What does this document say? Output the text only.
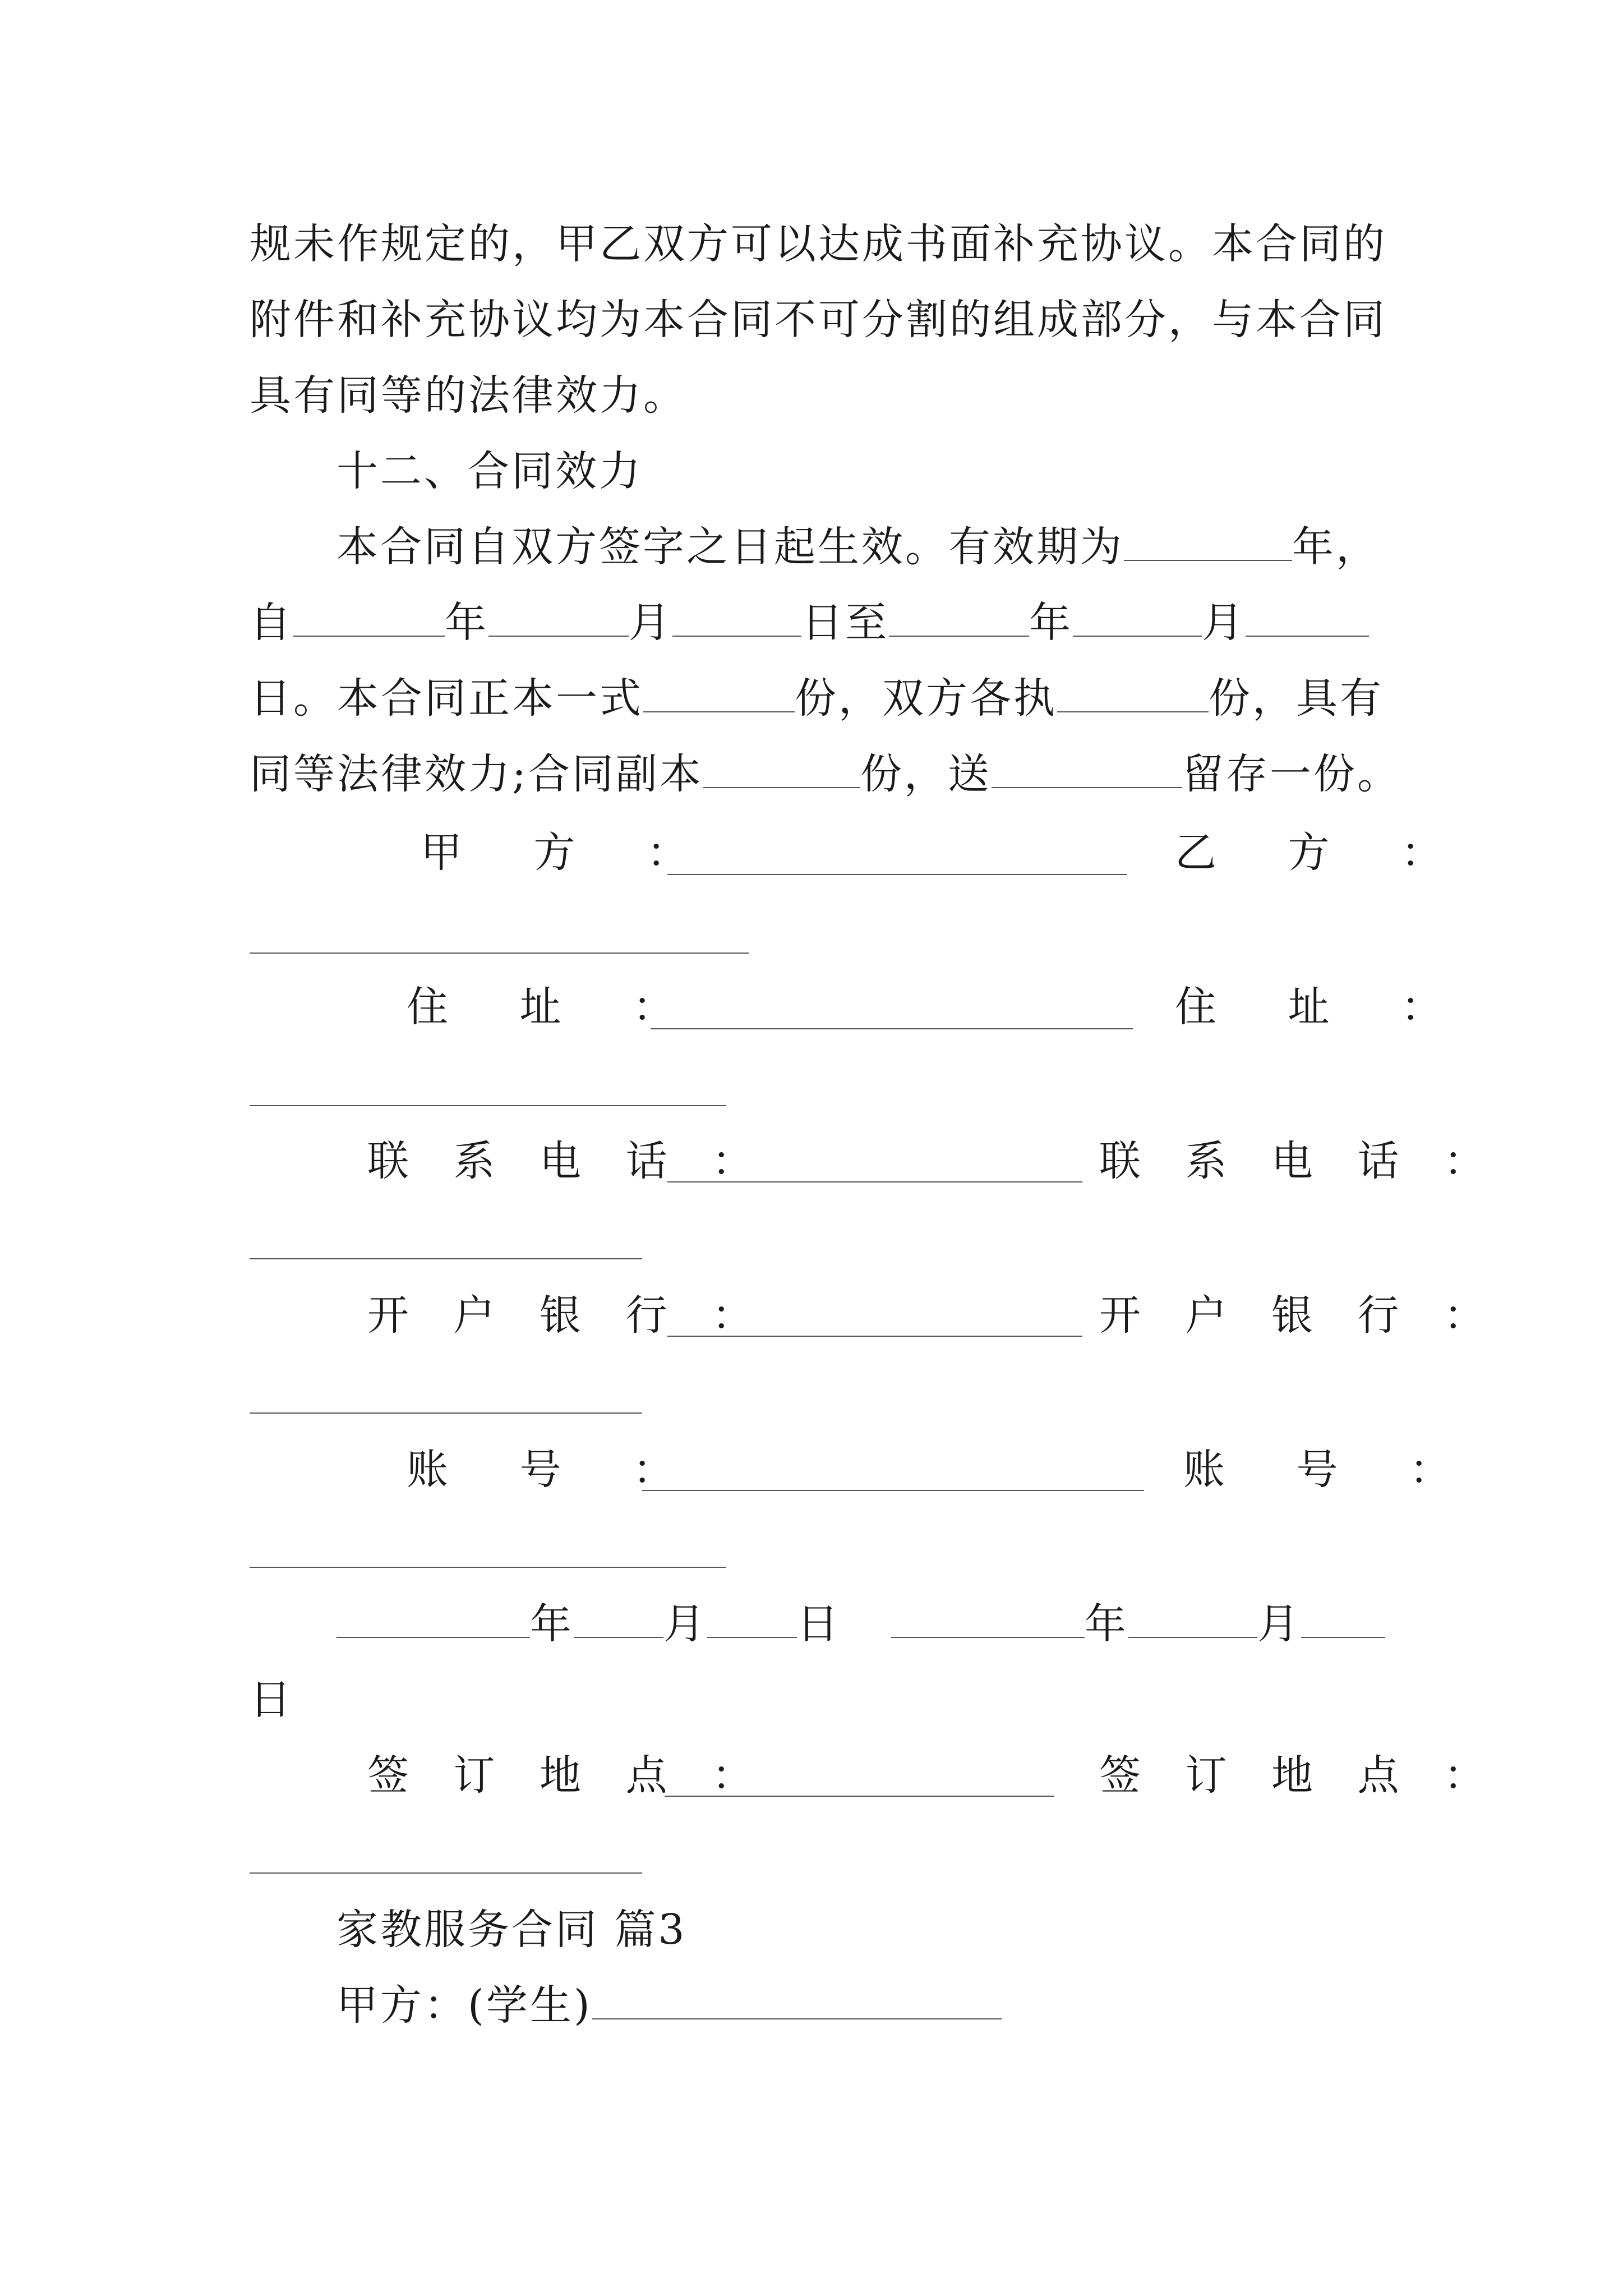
规未作规定的，甲乙双方可以达成书面补充协议。本合同的
附件和补充协议均为本合同不可分割的组成部分，与本合同
具有同等的法律效力。
十二、合同效力
本合同自双方签字之日起生效。有效期为	年，
自	年	月	日至	年	月
日。本合同正本一式	份，双方各执	份，具有
同等法律效力;合同副本	份，送	留存一份。
甲 方 ：	乙 方 ：
住 址 ：	住 址 ：
联 系 电 话 ：	联 系 电 话 ：
开 户 银 行 ：	开 户 银 行 ：
账 号 ：	账 号 ：
年 月 日	年	月
日
签 订 地 点 ：	签 订 地 点 ：
家教服务合同 篇3
甲方：(学生)
